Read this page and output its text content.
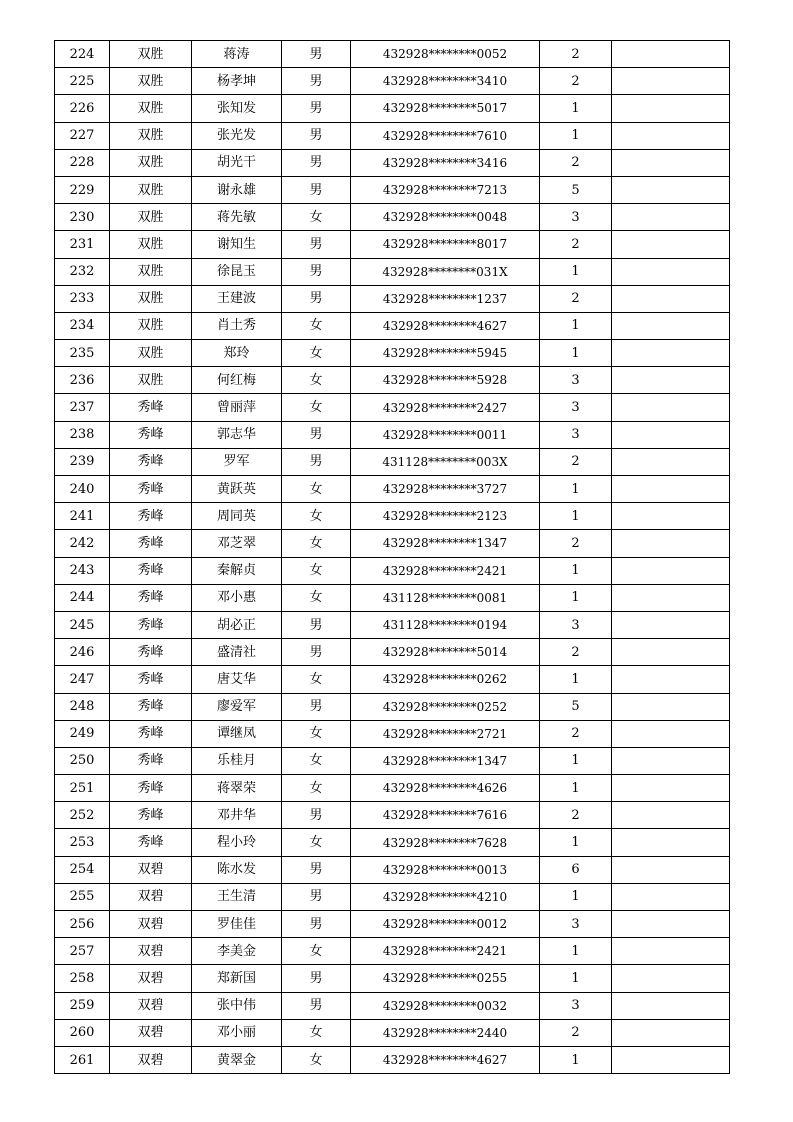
224	双胜	蒋涛	男	432928********0052	2	
225	双胜	杨孝坤	男	432928********3410	2	
226	双胜	张知发	男	432928********5017	1	
227	双胜	张光发	男	432928********7610	1	
228	双胜	胡光干	男	432928********3416	2	
229	双胜	谢永雄	男	432928********7213	5	
230	双胜	蒋先敏	女	432928********0048	3	
231	双胜	谢知生	男	432928********8017	2	
232	双胜	徐昆玉	男	432928********031X	1	
233	双胜	王建波	男	432928********1237	2	
234	双胜	肖土秀	女	432928********4627	1	
235	双胜	郑玲	女	432928********5945	1	
236	双胜	何红梅	女	432928********5928	3	
237	秀峰	曾丽萍	女	432928********2427	3	
238	秀峰	郭志华	男	432928********0011	3	
239	秀峰	罗军	男	431128********003X	2	
240	秀峰	黄跃英	女	432928********3727	1	
241	秀峰	周同英	女	432928********2123	1	
242	秀峰	邓芝翠	女	432928********1347	2	
243	秀峰	秦解贞	女	432928********2421	1	
244	秀峰	邓小惠	女	431128********0081	1	
245	秀峰	胡必正	男	431128********0194	3	
246	秀峰	盛清社	男	432928********5014	2	
247	秀峰	唐艾华	女	432928********0262	1	
248	秀峰	廖爱军	男	432928********0252	5	
249	秀峰	谭继凤	女	432928********2721	2	
250	秀峰	乐桂月	女	432928********1347	1	
251	秀峰	蒋翠荣	女	432928********4626	1	
252	秀峰	邓井华	男	432928********7616	2	
253	秀峰	程小玲	女	432928********7628	1	
254	双碧	陈水发	男	432928********0013	6	
255	双碧	王生清	男	432928********4210	1	
256	双碧	罗佳佳	男	432928********0012	3	
257	双碧	李美金	女	432928********2421	1	
258	双碧	郑新国	男	432928********0255	1	
259	双碧	张中伟	男	432928********0032	3	
260	双碧	邓小丽	女	432928********2440	2	
261	双碧	黄翠金	女	432928********4627	1	
